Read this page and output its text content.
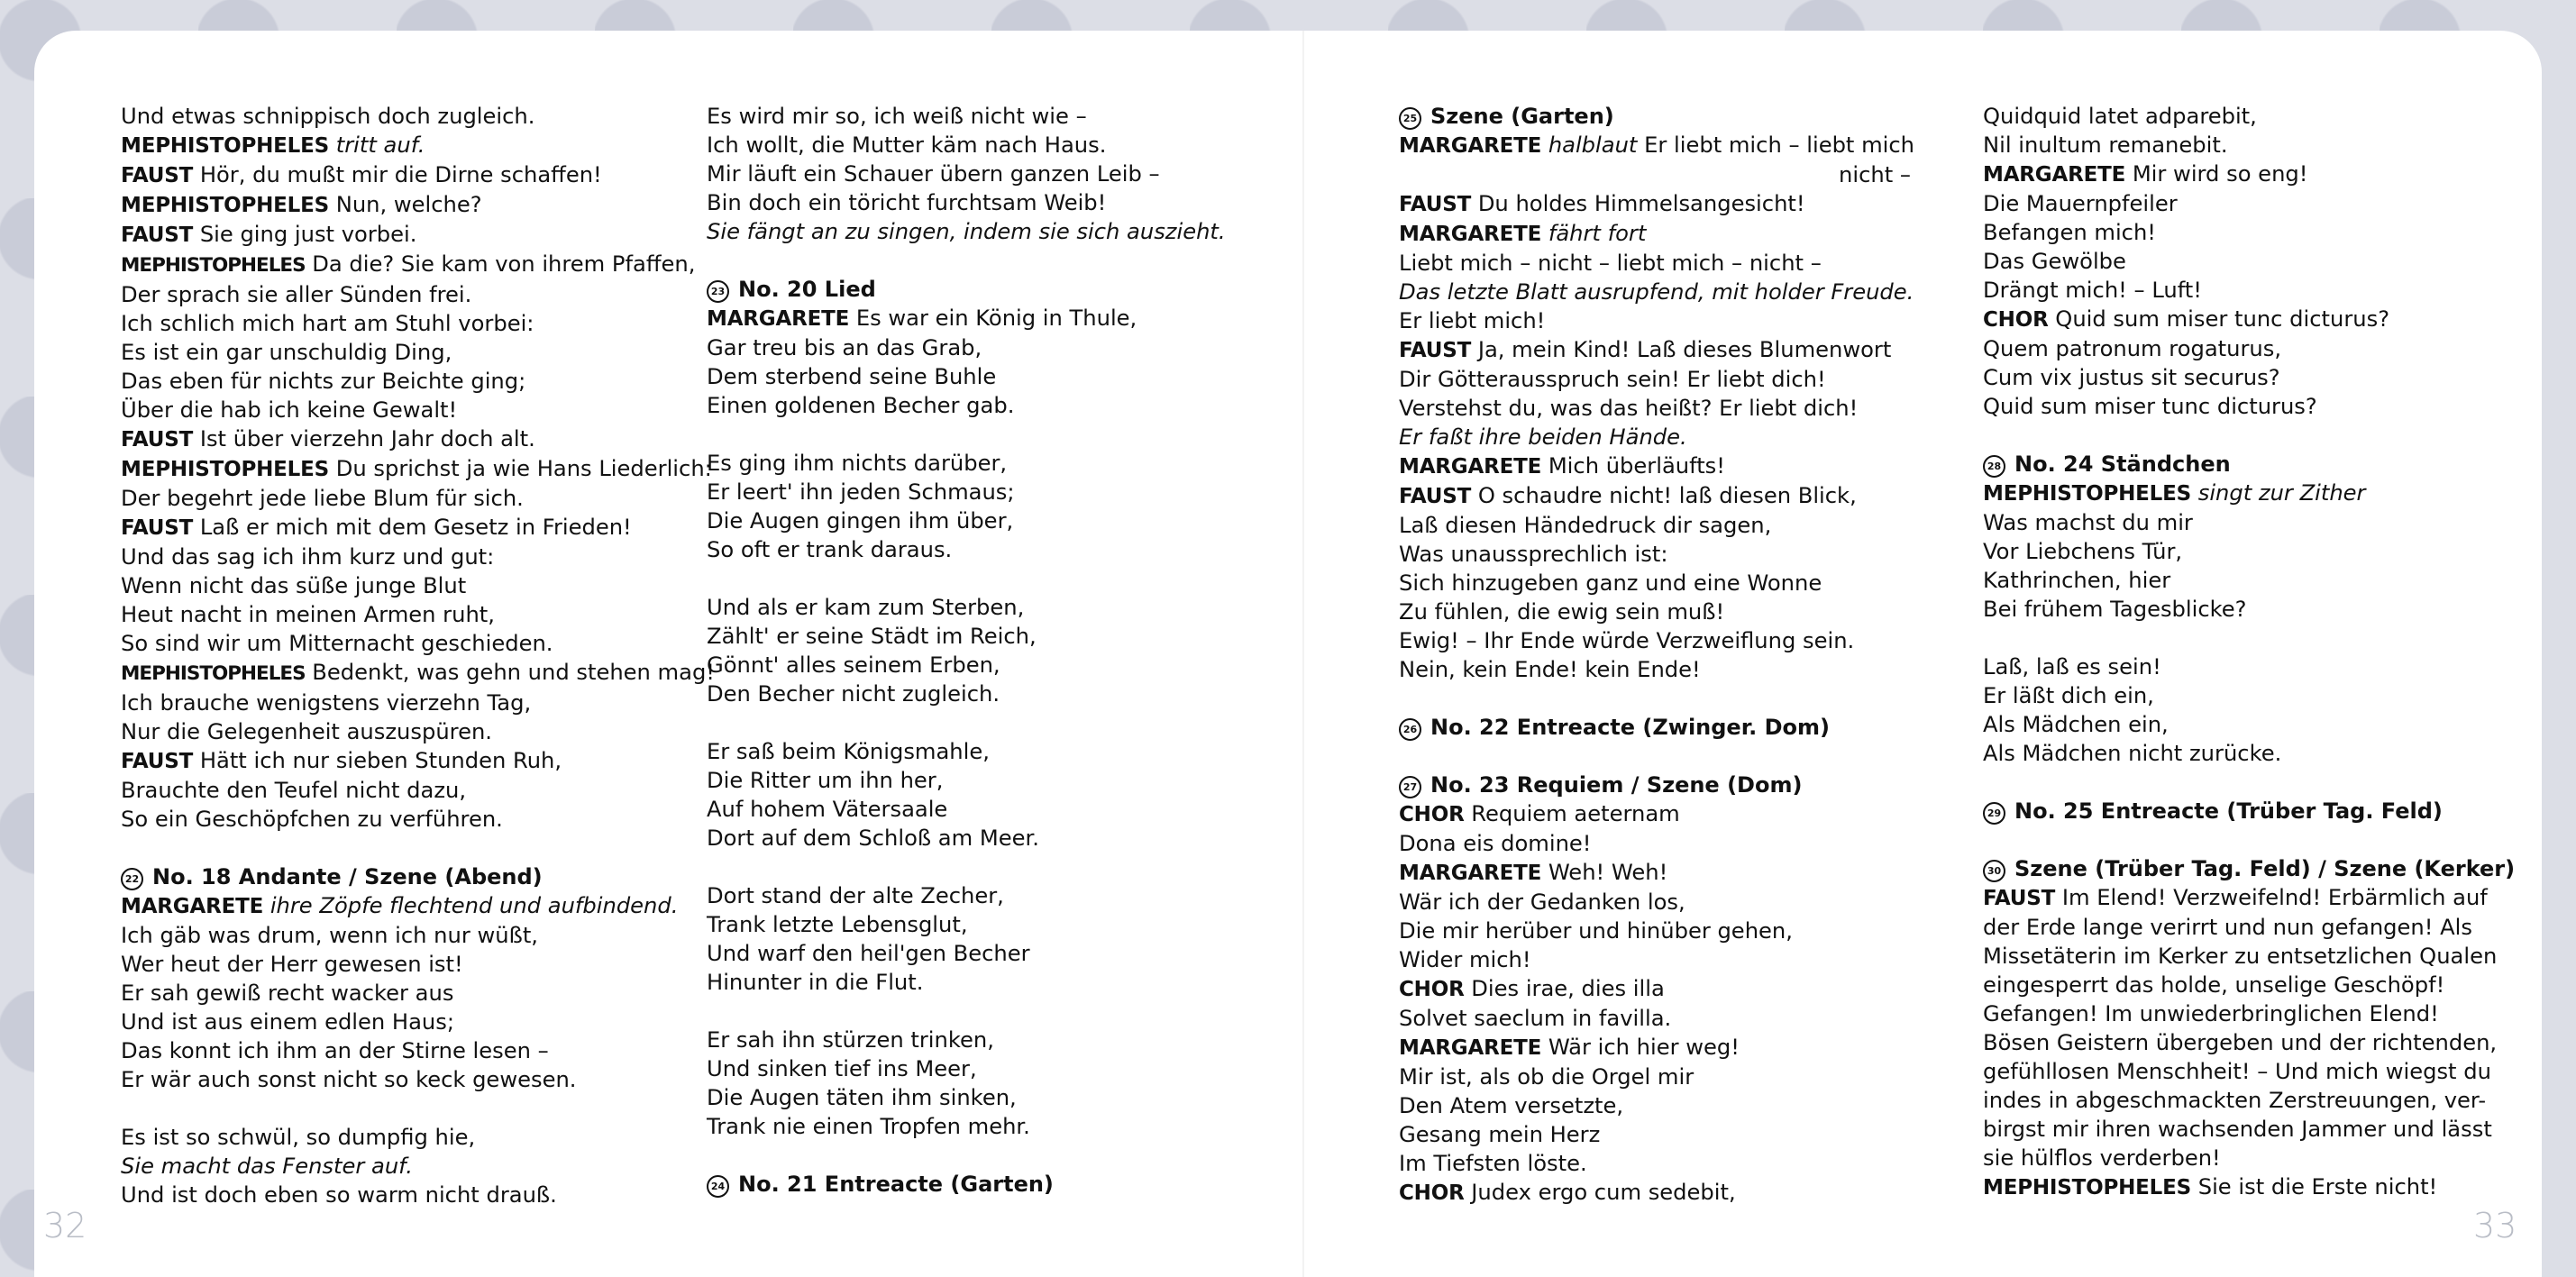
Und etwas schnippisch doch zugleich.
MEPHISTOPHELES tritt auf.
FAUST Hör, du mußt mir die Dirne schaffen!
MEPHISTOPHELES Nun, welche?
FAUST Sie ging just vorbei.
MEPHISTOPHELES Da die? Sie kam von ihrem Pfaffen,
Der sprach sie aller Sünden frei.
Ich schlich mich hart am Stuhl vorbei:
Es ist ein gar unschuldig Ding,
Das eben für nichts zur Beichte ging;
Über die hab ich keine Gewalt!
FAUST Ist über vierzehn Jahr doch alt.
MEPHISTOPHELES Du sprichst ja wie Hans Liederlich:
Der begehrt jede liebe Blum für sich.
FAUST Laß er mich mit dem Gesetz in Frieden!
Und das sag ich ihm kurz und gut:
Wenn nicht das süße junge Blut
Heut nacht in meinen Armen ruht,
So sind wir um Mitternacht geschieden.
MEPHISTOPHELES Bedenkt, was gehn und stehen mag!
Ich brauche wenigstens vierzehn Tag,
Nur die Gelegenheit auszuspüren.
FAUST Hätt ich nur sieben Stunden Ruh,
Brauchte den Teufel nicht dazu,
So ein Geschöpfchen zu verführen.
22 No. 18 Andante / Szene (Abend)
MARGARETE ihre Zöpfe flechtend und aufbindend.
Ich gäb was drum, wenn ich nur wüßt,
Wer heut der Herr gewesen ist!
Er sah gewiß recht wacker aus
Und ist aus einem edlen Haus;
Das konnt ich ihm an der Stirne lesen –
Er wär auch sonst nicht so keck gewesen.
Es ist so schwül, so dumpfig hie,
Sie macht das Fenster auf.
Und ist doch eben so warm nicht drauß.
Es wird mir so, ich weiß nicht wie –
Ich wollt, die Mutter käm nach Haus.
Mir läuft ein Schauer übern ganzen Leib –
Bin doch ein töricht furchtsam Weib!
Sie fängt an zu singen, indem sie sich auszieht.
23 No. 20 Lied
MARGARETE Es war ein König in Thule,
Gar treu bis an das Grab,
Dem sterbend seine Buhle
Einen goldenen Becher gab.
Es ging ihm nichts darüber,
Er leert' ihn jeden Schmaus;
Die Augen gingen ihm über,
So oft er trank daraus.
Und als er kam zum Sterben,
Zählt' er seine Städt im Reich,
Gönnt' alles seinem Erben,
Den Becher nicht zugleich.
Er saß beim Königsmahle,
Die Ritter um ihn her,
Auf hohem Vätersaale
Dort auf dem Schloß am Meer.
Dort stand der alte Zecher,
Trank letzte Lebensglut,
Und warf den heil'gen Becher
Hinunter in die Flut.
Er sah ihn stürzen trinken,
Und sinken tief ins Meer,
Die Augen täten ihm sinken,
Trank nie einen Tropfen mehr.
24 No. 21 Entreacte (Garten)
25 Szene (Garten)
MARGARETE halblaut Er liebt mich – liebt mich
nicht –
FAUST Du holdes Himmelsangesicht!
MARGARETE fährt fort
Liebt mich – nicht – liebt mich – nicht –
Das letzte Blatt ausrupfend, mit holder Freude.
Er liebt mich!
FAUST Ja, mein Kind! Laß dieses Blumenwort
Dir Götterausspruch sein! Er liebt dich!
Verstehst du, was das heißt? Er liebt dich!
Er faßt ihre beiden Hände.
MARGARETE Mich überläufts!
FAUST O schaudre nicht! laß diesen Blick,
Laß diesen Händedruck dir sagen,
Was unaussprechlich ist:
Sich hinzugeben ganz und eine Wonne
Zu fühlen, die ewig sein muß!
Ewig! – Ihr Ende würde Verzweiflung sein.
Nein, kein Ende! kein Ende!
26 No. 22 Entreacte (Zwinger. Dom)
27 No. 23 Requiem / Szene (Dom)
CHOR Requiem aeternam
Dona eis domine!
MARGARETE Weh! Weh!
Wär ich der Gedanken los,
Die mir herüber und hinüber gehen,
Wider mich!
CHOR Dies irae, dies illa
Solvet saeclum in favilla.
MARGARETE Wär ich hier weg!
Mir ist, als ob die Orgel mir
Den Atem versetzte,
Gesang mein Herz
Im Tiefsten löste.
CHOR Judex ergo cum sedebit,
Quidquid latet adparebit,
Nil inultum remanebit.
MARGARETE Mir wird so eng!
Die Mauernpfeiler
Befangen mich!
Das Gewölbe
Drängt mich! – Luft!
CHOR Quid sum miser tunc dicturus?
Quem patronum rogaturus,
Cum vix justus sit securus?
Quid sum miser tunc dicturus?
28 No. 24 Ständchen
MEPHISTOPHELES singt zur Zither
Was machst du mir
Vor Liebchens Tür,
Kathrinchen, hier
Bei frühem Tagesblicke?
Laß, laß es sein!
Er läßt dich ein,
Als Mädchen ein,
Als Mädchen nicht zurücke.
29 No. 25 Entreacte (Trüber Tag. Feld)
30 Szene (Trüber Tag. Feld) / Szene (Kerker)
FAUST Im Elend! Verzweifelnd! Erbärmlich auf
der Erde lange verirrt und nun gefangen! Als
Missetäterin im Kerker zu entsetzlichen Qualen
eingesperrt das holde, unselige Geschöpf!
Gefangen! Im unwiederbringlichen Elend!
Bösen Geistern übergeben und der richtenden,
gefühllosen Menschheit! – Und mich wiegst du
indes in abgeschmackten Zerstreuungen, ver-
birgst mir ihren wachsenden Jammer und lässt
sie hülflos verderben!
MEPHISTOPHELES Sie ist die Erste nicht!
32	33
